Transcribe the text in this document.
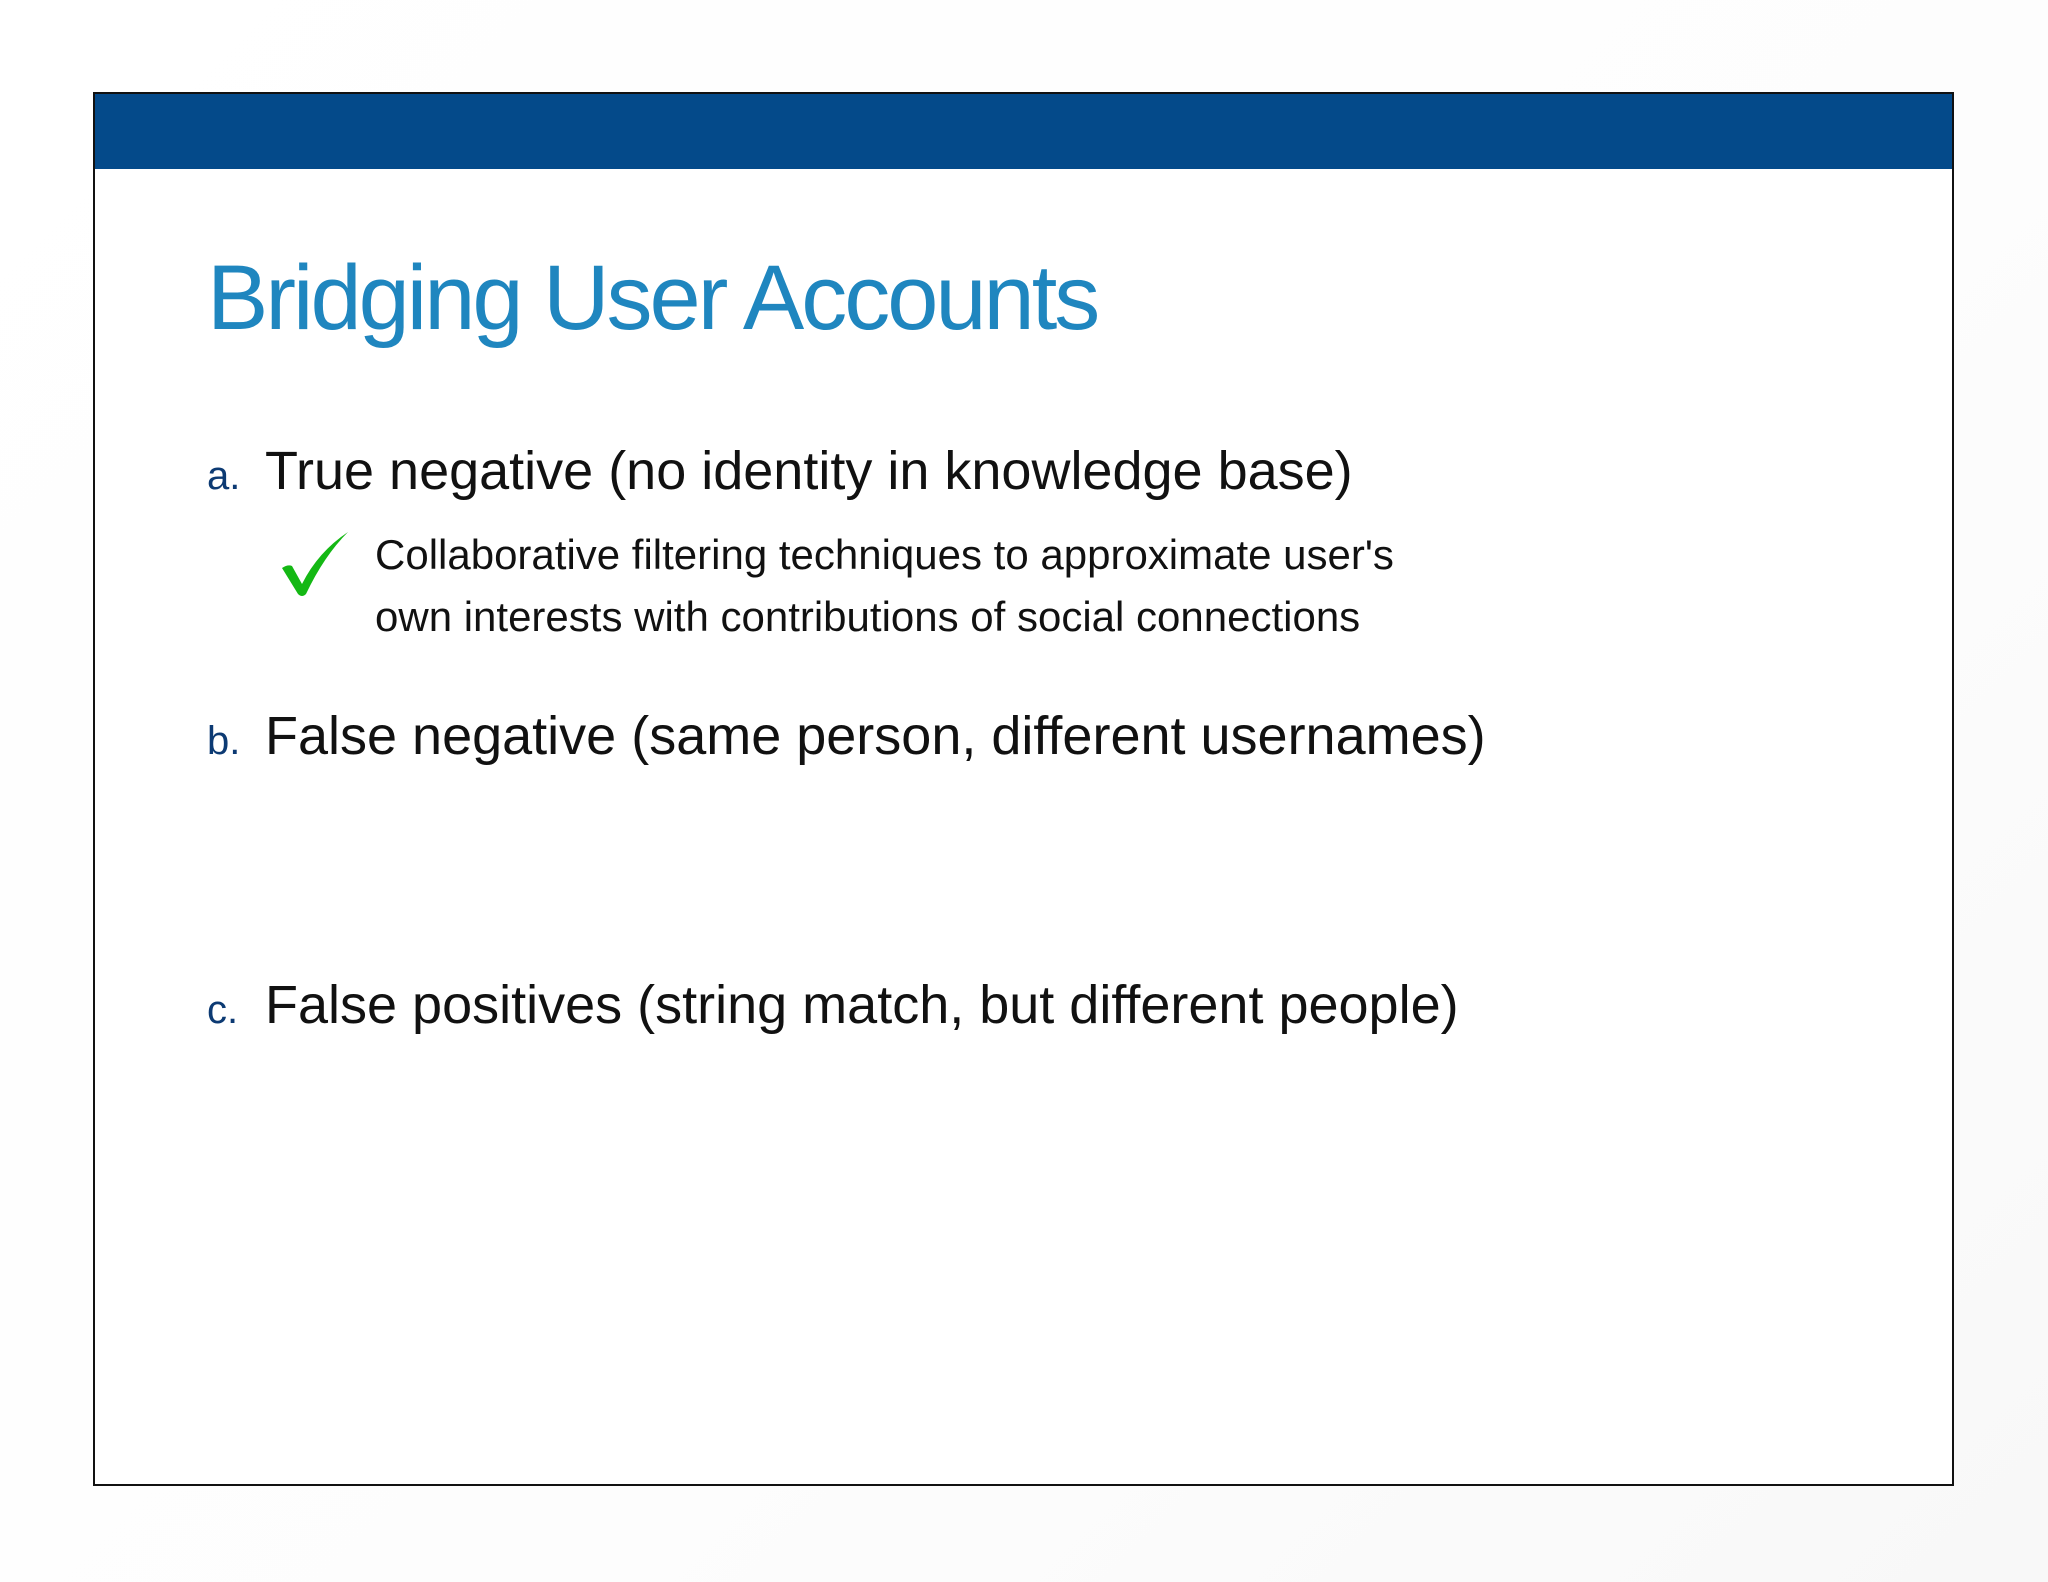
Bridging User Accounts
a. True negative (no identity in knowledge base)
Collaborative filtering techniques to approximate user's
own interests with contributions of social connections
b. False negative (same person, different usernames)
c. False positives (string match, but different people)
